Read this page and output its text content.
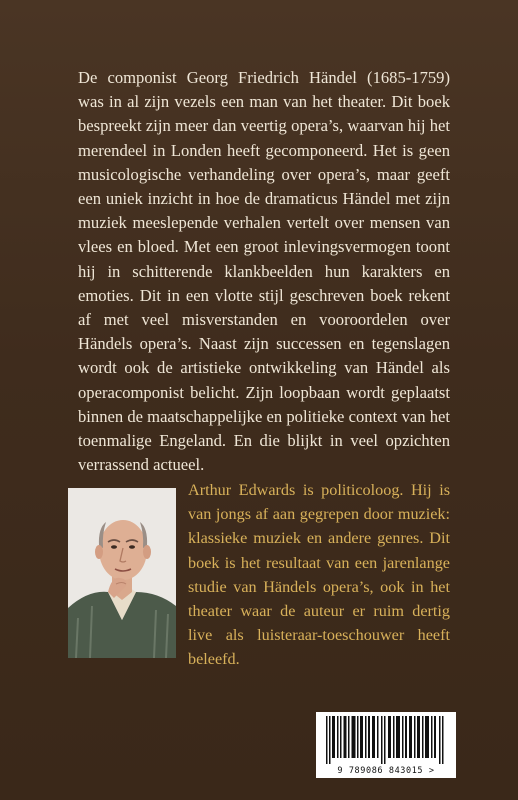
De componist Georg Friedrich Händel (1685-1759) was in al zijn vezels een man van het theater. Dit boek bespreekt zijn meer dan veertig opera’s, waarvan hij het merendeel in Londen heeft gecomponeerd. Het is geen musicologische verhandeling over opera’s, maar geeft een uniek inzicht in hoe de dramaticus Händel met zijn muziek meeslepende verhalen vertelt over mensen van vlees en bloed. Met een groot inlevingsvermogen toont hij in schitterende klankbeelden hun karakters en emoties. Dit in een vlotte stijl geschreven boek rekent af met veel misverstanden en vooroordelen over Händels opera’s. Naast zijn successen en tegenslagen wordt ook de artistieke ontwikkeling van Händel als operacomponist belicht. Zijn loopbaan wordt geplaatst binnen de maatschappelijke en politieke context van het toenmalige Engeland. En die blijkt in veel opzichten verrassend actueel.

Arthur Edwards is politicoloog. Hij is van jongs af aan gegrepen door muziek: klassieke muziek en andere genres. Dit boek is het resultaat van een jarenlange studie van Händels opera’s, ook in het theater waar de auteur er ruim dertig live als luisteraar-toeschouwer heeft beleefd.

9 789086 843015 >
